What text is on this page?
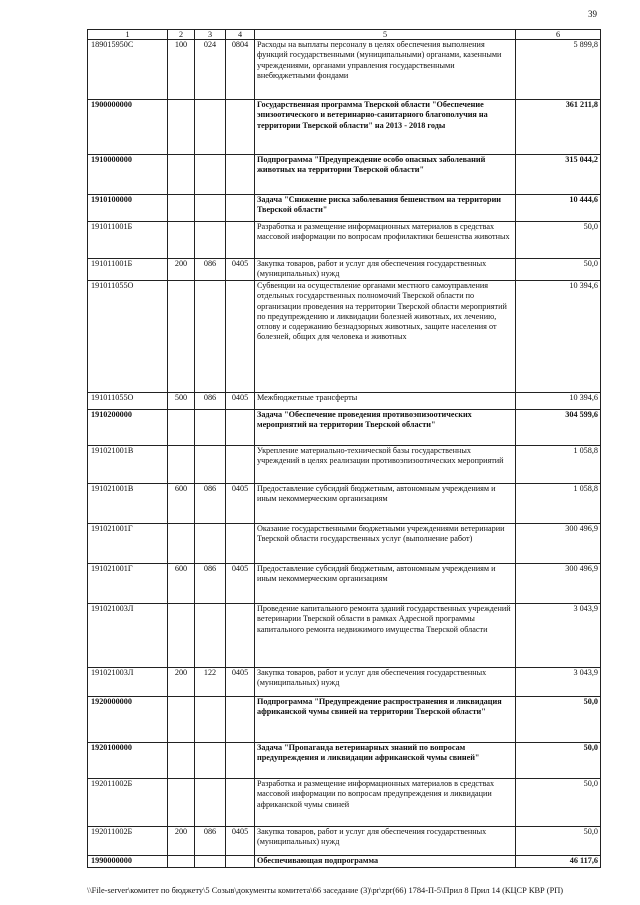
39
1	2	3	4	5	6
189015950С	100	024	0804	Расходы на выплаты персоналу в целях обеспечения выполнения функций государственными (муниципальными) органами, казенными учреждениями, органами управления государственными внебюджетными фондами	5 899,8
1900000000				Государственная программа Тверской области "Обеспечение эпизоотического и ветеринарно-санитарного благополучия на территории Тверской области" на 2013 - 2018 годы	361 211,8
1910000000				Подпрограмма "Предупреждение особо опасных заболеваний животных на территории Тверской области"	315 044,2
1910100000				Задача "Снижение риска заболевания бешенством на территории Тверской области"	10 444,6
191011001Б				Разработка и размещение информационных материалов в средствах массовой информации по вопросам профилактики бешенства животных	50,0
191011001Б	200	086	0405	Закупка товаров, работ и услуг для обеспечения государственных (муниципальных) нужд	50,0
191011055О				Субвенции на осуществление органами местного самоуправления отдельных государственных полномочий Тверской области по организации проведения на территории Тверской области мероприятий по предупреждению и ликвидации болезней животных, их лечению, отлову и содержанию безнадзорных животных, защите населения от болезней, общих для человека и животных	10 394,6
191011055О	500	086	0405	Межбюджетные трансферты	10 394,6
1910200000				Задача "Обеспечение проведения противоэпизоотических мероприятий на территории Тверской области"	304 599,6
191021001В				Укрепление материально-технической базы государственных учреждений в целях реализации противоэпизоотических мероприятий	1 058,8
191021001В	600	086	0405	Предоставление субсидий бюджетным, автономным учреждениям и иным некоммерческим организациям	1 058,8
191021001Г				Оказание государственными бюджетными учреждениями ветеринарии Тверской области государственных услуг (выполнение работ)	300 496,9
191021001Г	600	086	0405	Предоставление субсидий бюджетным, автономным учреждениям и иным некоммерческим организациям	300 496,9
191021003Л				Проведение капитального ремонта зданий государственных учреждений ветеринарии Тверской области в рамках Адресной программы капитального ремонта недвижимого имущества Тверской области	3 043,9
191021003Л	200	122	0405	Закупка товаров, работ и услуг для обеспечения государственных (муниципальных) нужд	3 043,9
1920000000				Подпрограмма "Предупреждение распространения и ликвидация африканской чумы свиней на территории Тверской области"	50,0
1920100000				Задача "Пропаганда ветеринарных знаний по вопросам предупреждения и ликвидации африканской чумы свиней"	50,0
192011002Б				Разработка и размещение информационных материалов в средствах массовой информации по вопросам предупреждения и ликвидации африканской чумы свиней	50,0
192011002Б	200	086	0405	Закупка товаров, работ и услуг для обеспечения государственных (муниципальных) нужд	50,0
1990000000				Обеспечивающая подпрограмма	46 117,6
\\File-server\комитет по бюджету\5 Созыв\документы комитета\66 заседание (3)\pr\zpr(66) 1784-П-5\Прил 8 Прил 14 (КЦСР КВР (РП)
